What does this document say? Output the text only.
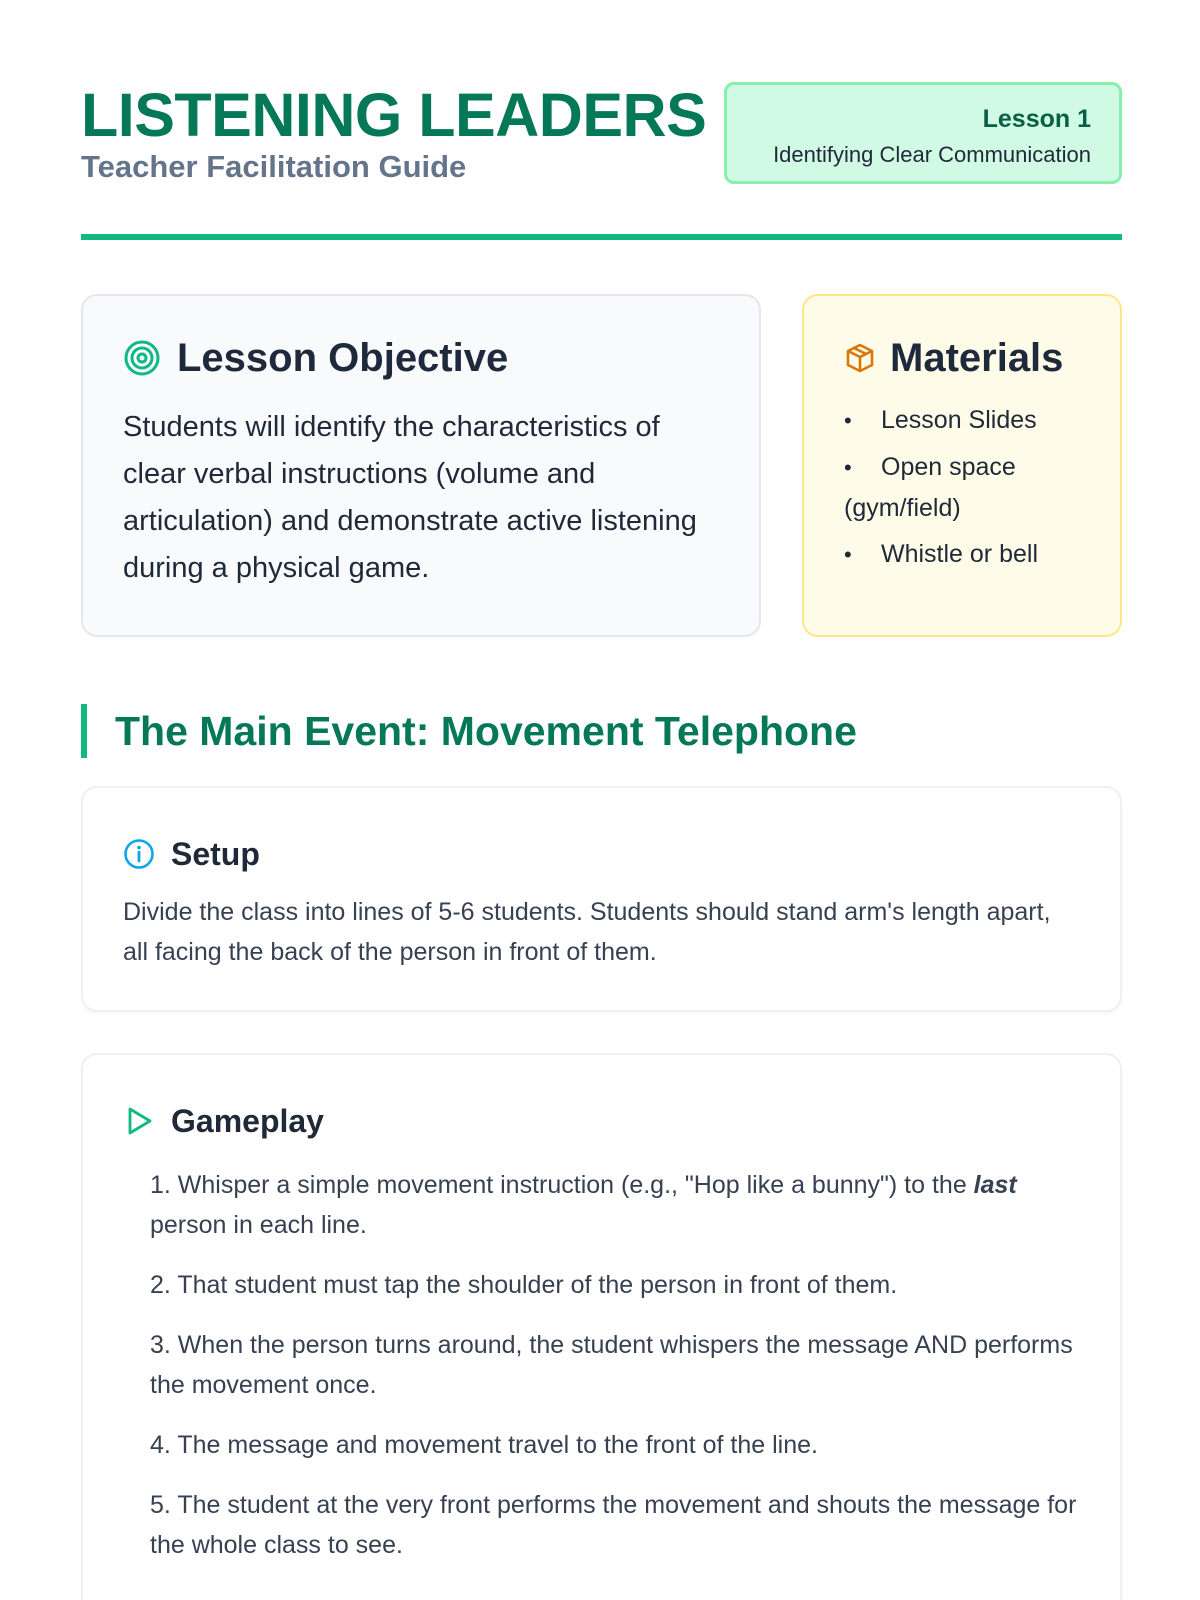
LISTENING LEADERS
Teacher Facilitation Guide
Lesson 1
Identifying Clear Communication
Lesson Objective
Students will identify the characteristics of clear verbal instructions (volume and articulation) and demonstrate active listening during a physical game.
Materials
• Lesson Slides
• Open space (gym/field)
• Whistle or bell
The Main Event: Movement Telephone
Setup
Divide the class into lines of 5-6 students. Students should stand arm's length apart, all facing the back of the person in front of them.
Gameplay
1. Whisper a simple movement instruction (e.g., "Hop like a bunny") to the last person in each line.
2. That student must tap the shoulder of the person in front of them.
3. When the person turns around, the student whispers the message AND performs the movement once.
4. The message and movement travel to the front of the line.
5. The student at the very front performs the movement and shouts the message for the whole class to see.
